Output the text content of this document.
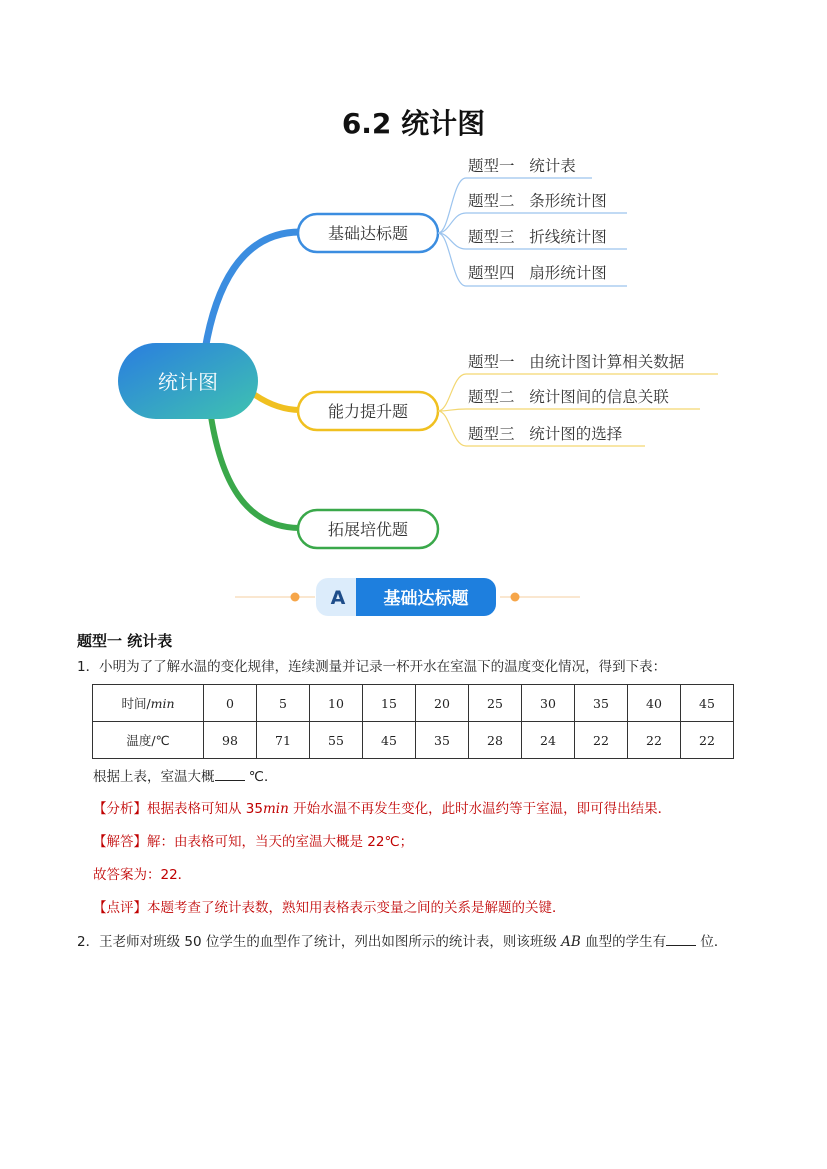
6.2 统计图
统计图
基础达标题
能力提升题
拓展培优题
题型一   统计表
题型二   条形统计图
题型三   折线统计图
题型四   扇形统计图
题型一   由统计图计算相关数据
题型二   统计图间的信息关联
题型三   统计图的选择
A 基础达标题
题型一 统计表
1．小明为了了解水温的变化规律，连续测量并记录一杯开水在室温下的温度变化情况，得到下表：
时间/min	0	5	10	15	20	25	30	35	40	45
温度/℃	98	71	55	45	35	28	24	22	22	22
根据上表，室温大概	℃．
【分析】根据表格可知从 35min 开始水温不再发生变化，此时水温约等于室温，即可得出结果．
【解答】解：由表格可知，当天的室温大概是 22℃；
故答案为：22．
【点评】本题考查了统计表数，熟知用表格表示变量之间的关系是解题的关键．
2．王老师对班级 50 位学生的血型作了统计，列出如图所示的统计表，则该班级 AB 血型的学生有 位．
